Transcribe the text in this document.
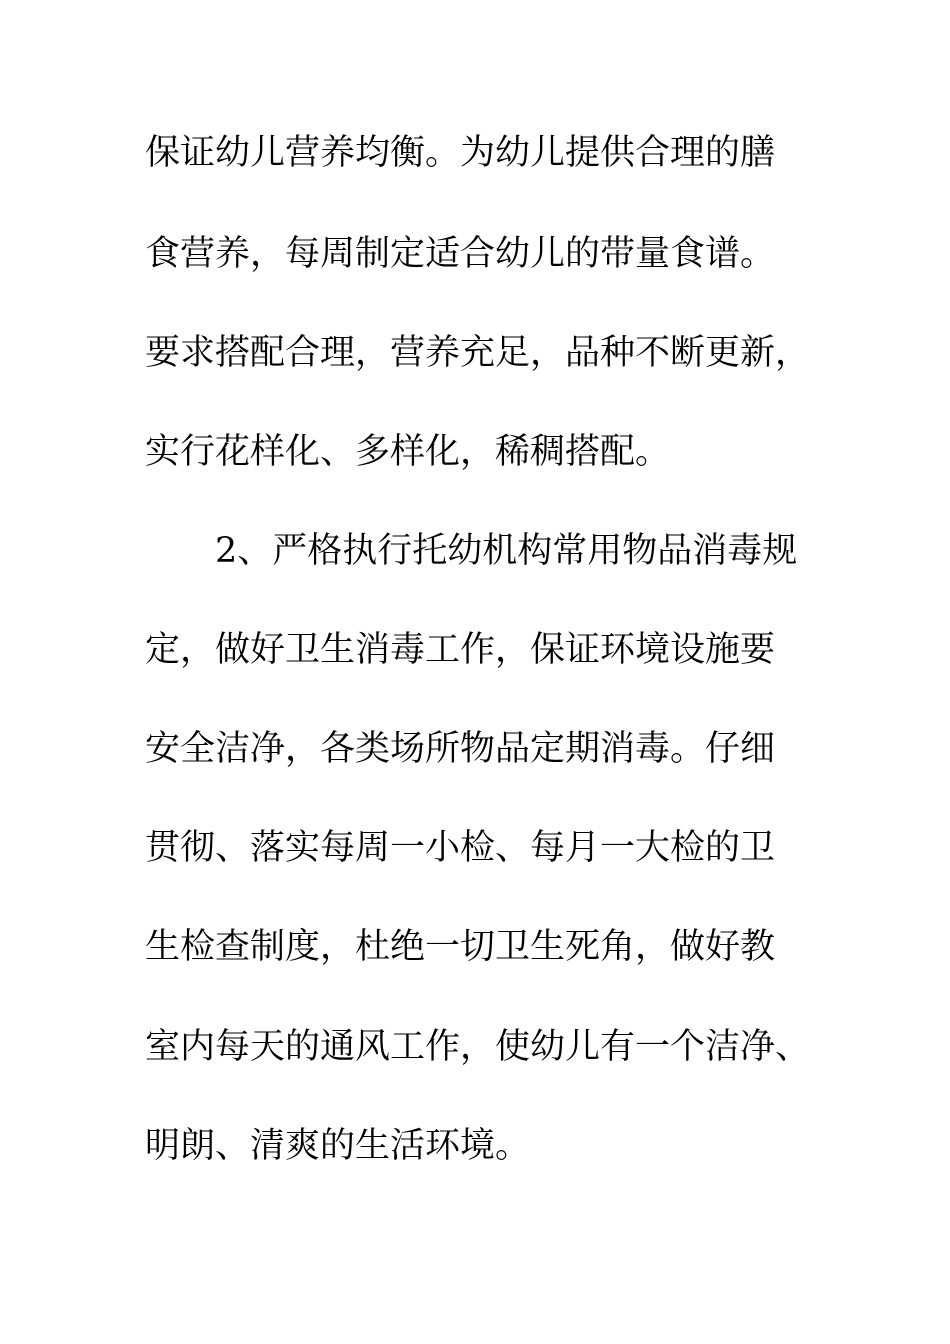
保证幼儿营养均衡。为幼儿提供合理的膳
食营养，每周制定适合幼儿的带量食谱。
要求搭配合理，营养充足，品种不断更新，
实行花样化、多样化，稀稠搭配。
2、严格执行托幼机构常用物品消毒规
定，做好卫生消毒工作，保证环境设施要
安全洁净，各类场所物品定期消毒。仔细
贯彻、落实每周一小检、每月一大检的卫
生检查制度，杜绝一切卫生死角，做好教
室内每天的通风工作，使幼儿有一个洁净、
明朗、清爽的生活环境。
